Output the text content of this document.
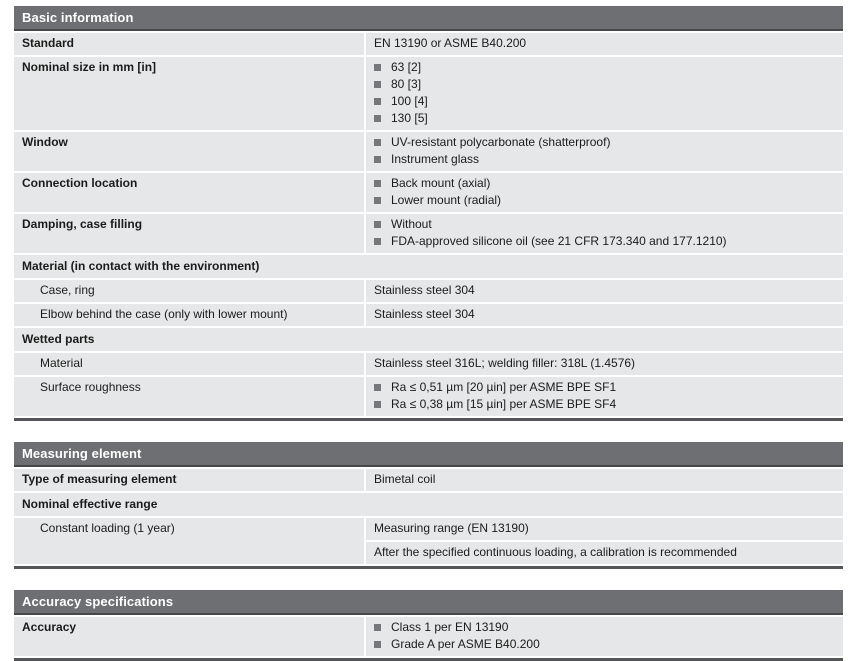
Basic information
Standard	EN 13190 or ASME B40.200
Nominal size in mm [in]	63 [2]
80 [3]
100 [4]
130 [5]
Window	UV-resistant polycarbonate (shatterproof)
Instrument glass
Connection location	Back mount (axial)
Lower mount (radial)
Damping, case filling	Without
FDA-approved silicone oil (see 21 CFR 173.340 and 177.1210)
Material (in contact with the environment)
Case, ring	Stainless steel 304
Elbow behind the case (only with lower mount)	Stainless steel 304
Wetted parts
Material	Stainless steel 316L; welding filler: 318L (1.4576)
Surface roughness	Ra ≤ 0,51 µm [20 µin] per ASME BPE SF1
Ra ≤ 0,38 µm [15 µin] per ASME BPE SF4
Measuring element
Type of measuring element	Bimetal coil
Nominal effective range
Constant loading (1 year)	Measuring range (EN 13190)
After the specified continuous loading, a calibration is recommended
Accuracy specifications
Accuracy	Class 1 per EN 13190
Grade A per ASME B40.200
